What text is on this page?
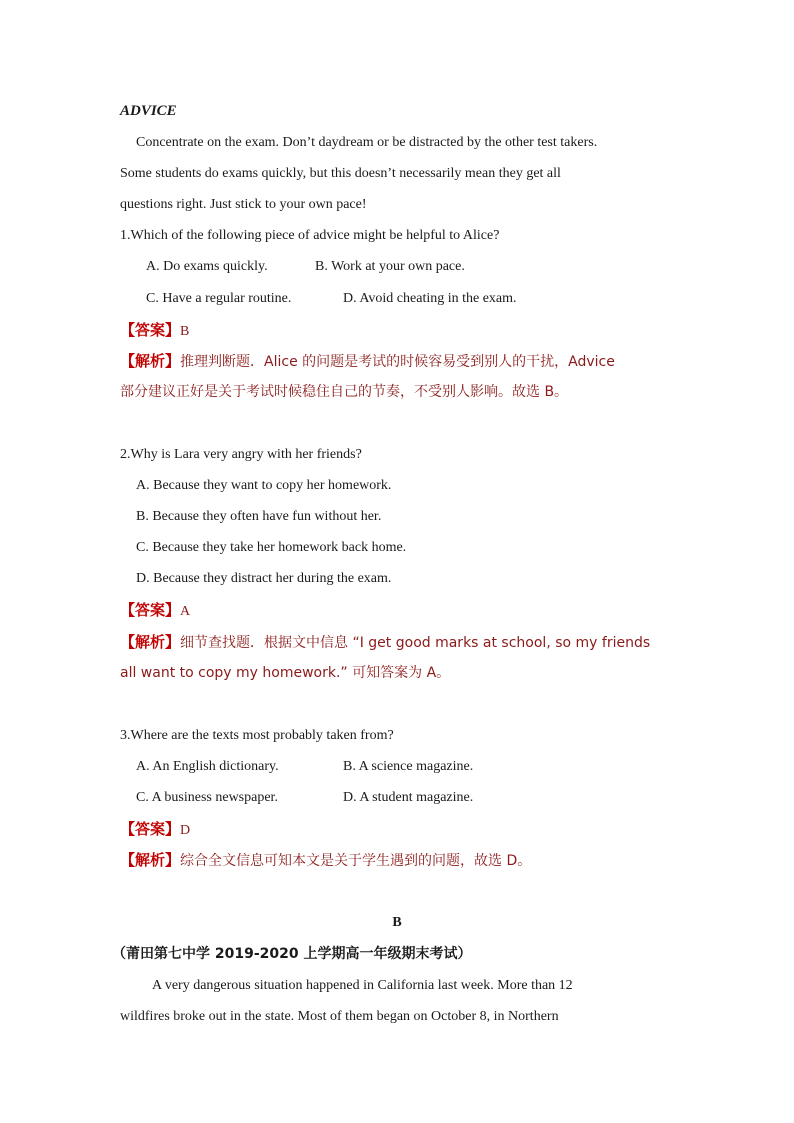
ADVICE
Concentrate on the exam. Don’t daydream or be distracted by the other test takers.
Some students do exams quickly, but this doesn’t necessarily mean they get all
questions right. Just stick to your own pace!
1.Which of the following piece of advice might be helpful to Alice?
A. Do exams quickly.	B. Work at your own pace.
C. Have a regular routine.	D. Avoid cheating in the exam.
【答案】B
【解析】推理判断题．Alice 的问题是考试的时候容易受到别人的干扰，Advice
部分建议正好是关于考试时候稳住自己的节奏，不受别人影响。故选 B。
2.Why is Lara very angry with her friends?
A. Because they want to copy her homework.
B. Because they often have fun without her.
C. Because they take her homework back home.
D. Because they distract her during the exam.
【答案】A
【解析】细节查找题．根据文中信息 “I get good marks at school, so my friends
all want to copy my homework.” 可知答案为 A。
3.Where are the texts most probably taken from?
A. An English dictionary.	B. A science magazine.
C. A business newspaper.	D. A student magazine.
【答案】D
【解析】综合全文信息可知本文是关于学生遇到的问题，故选 D。
B
（莆田第七中学 2019-2020 上学期高一年级期末考试）
A very dangerous situation happened in California last week. More than 12
wildfires broke out in the state. Most of them began on October 8, in Northern
